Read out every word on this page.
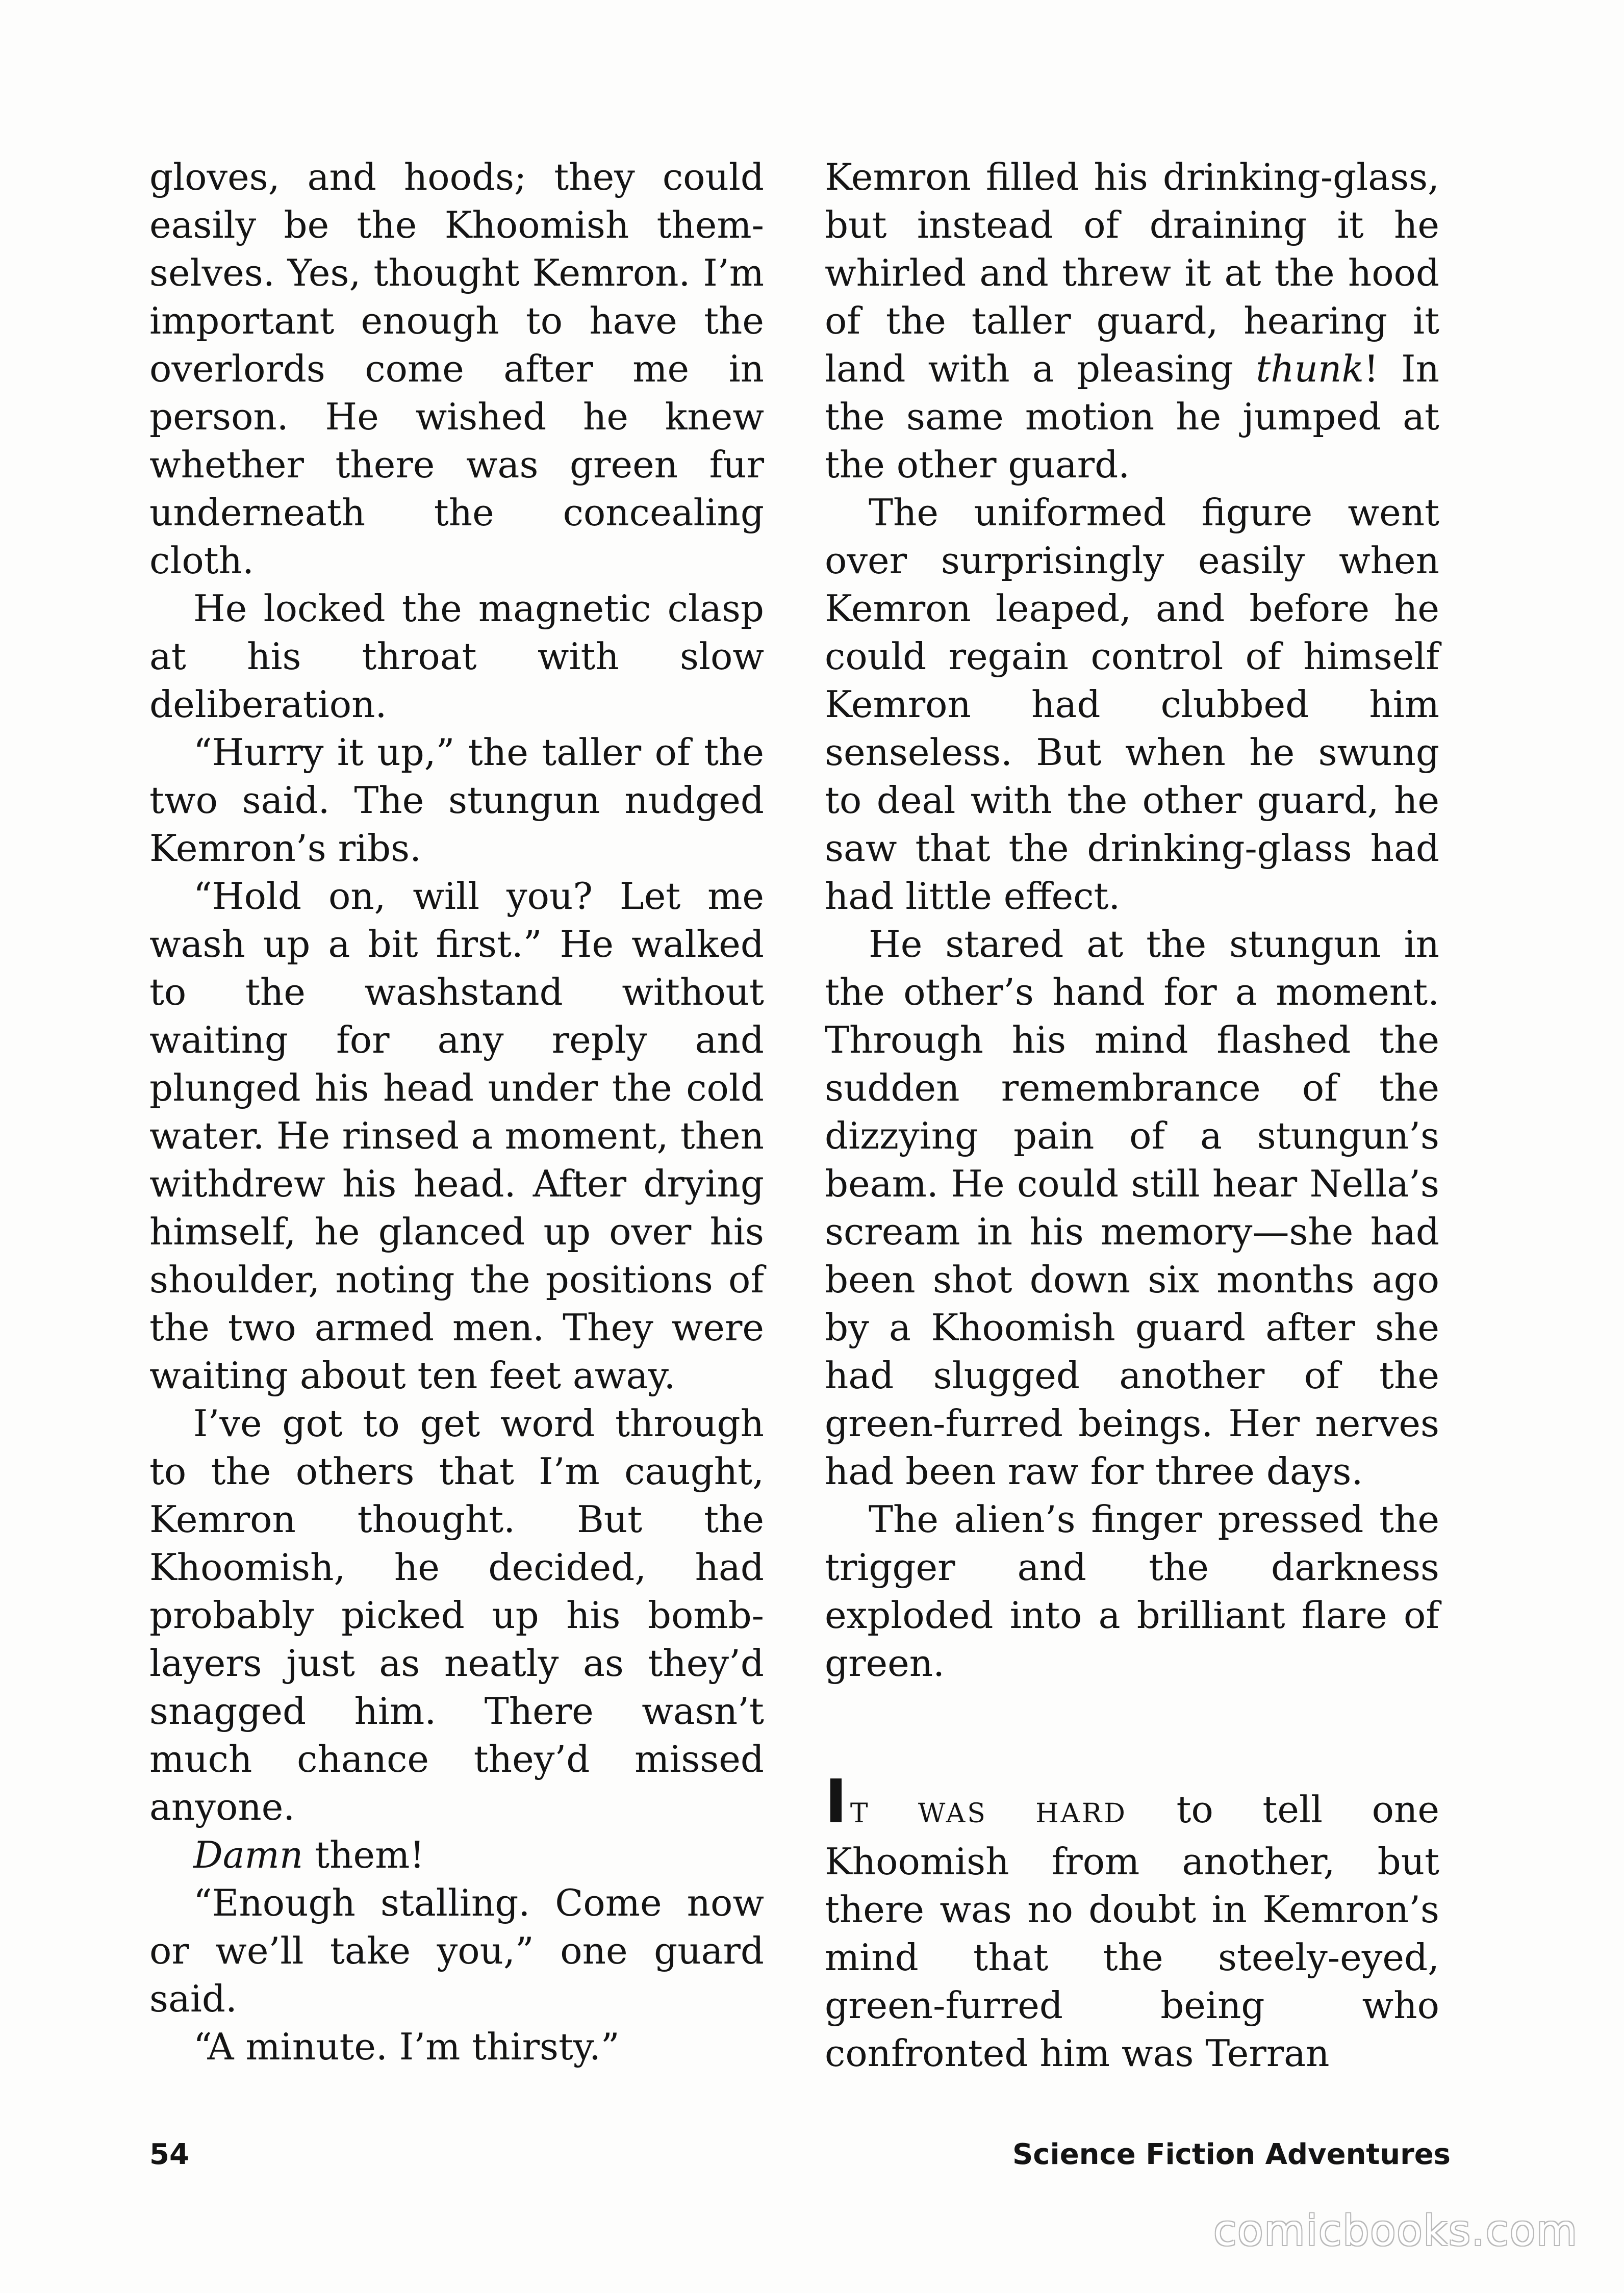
gloves, and hoods; they could easily be the Khoomish themselves. Yes, thought Kemron. I’m important enough to have the overlords come after me in person. He wished he knew whether there was green fur underneath the concealing cloth.

He locked the magnetic clasp at his throat with slow deliberation.

“Hurry it up,” the taller of the two said. The stungun nudged Kemron’s ribs.

“Hold on, will you? Let me wash up a bit first.” He walked to the washstand without waiting for any reply and plunged his head under the cold water. He rinsed a moment, then withdrew his head. After drying himself, he glanced up over his shoulder, noting the positions of the two armed men. They were waiting about ten feet away.

I’ve got to get word through to the others that I’m caught, Kemron thought. But the Khoomish, he decided, had probably picked up his bomblayers just as neatly as they’d snagged him. There wasn’t much chance they’d missed anyone.

Damn them!

“Enough stalling. Come now or we’ll take you,” one guard said.

“A minute. I’m thirsty.”

Kemron filled his drinking-glass, but instead of draining it he whirled and threw it at the hood of the taller guard, hearing it land with a pleasing thunk! In the same motion he jumped at the other guard.

The uniformed figure went over surprisingly easily when Kemron leaped, and before he could regain control of himself Kemron had clubbed him senseless. But when he swung to deal with the other guard, he saw that the drinking-glass had had little effect.

He stared at the stungun in the other’s hand for a moment. Through his mind flashed the sudden remembrance of the dizzying pain of a stungun’s beam. He could still hear Nella’s scream in his memory—she had been shot down six months ago by a Khoomish guard after she had slugged another of the green-furred beings. Her nerves had been raw for three days.

The alien’s finger pressed the trigger and the darkness exploded into a brilliant flare of green.

IT WAS HARD to tell one Khoomish from another, but there was no doubt in Kemron’s mind that the steely-eyed, green-furred being who confronted him was Terran

54	Science Fiction Adventures
comicbooks.com
